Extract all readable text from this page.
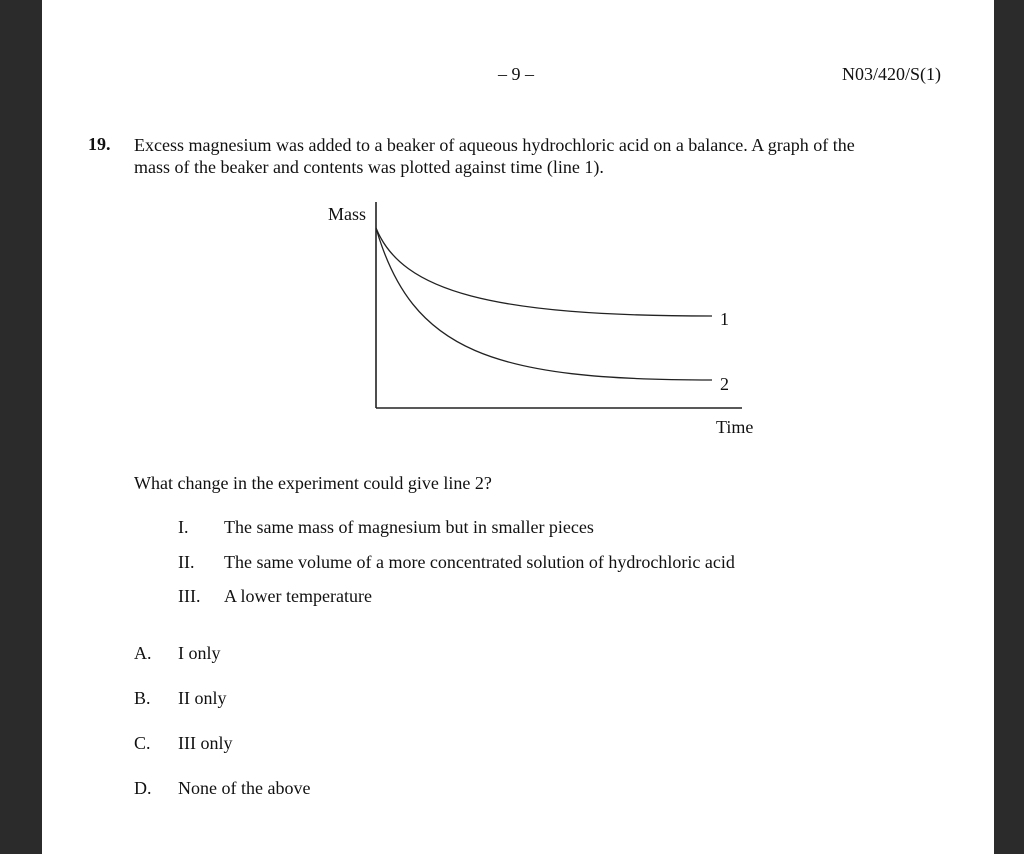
– 9 –	N03/420/S(1)
19. Excess magnesium was added to a beaker of aqueous hydrochloric acid on a balance. A graph of the
mass of the beaker and contents was plotted against time (line 1).
Mass
Time
1
2
What change in the experiment could give line 2?
I. The same mass of magnesium but in smaller pieces
II. The same volume of a more concentrated solution of hydrochloric acid
III. A lower temperature
A. I only
B. II only
C. III only
D. None of the above
